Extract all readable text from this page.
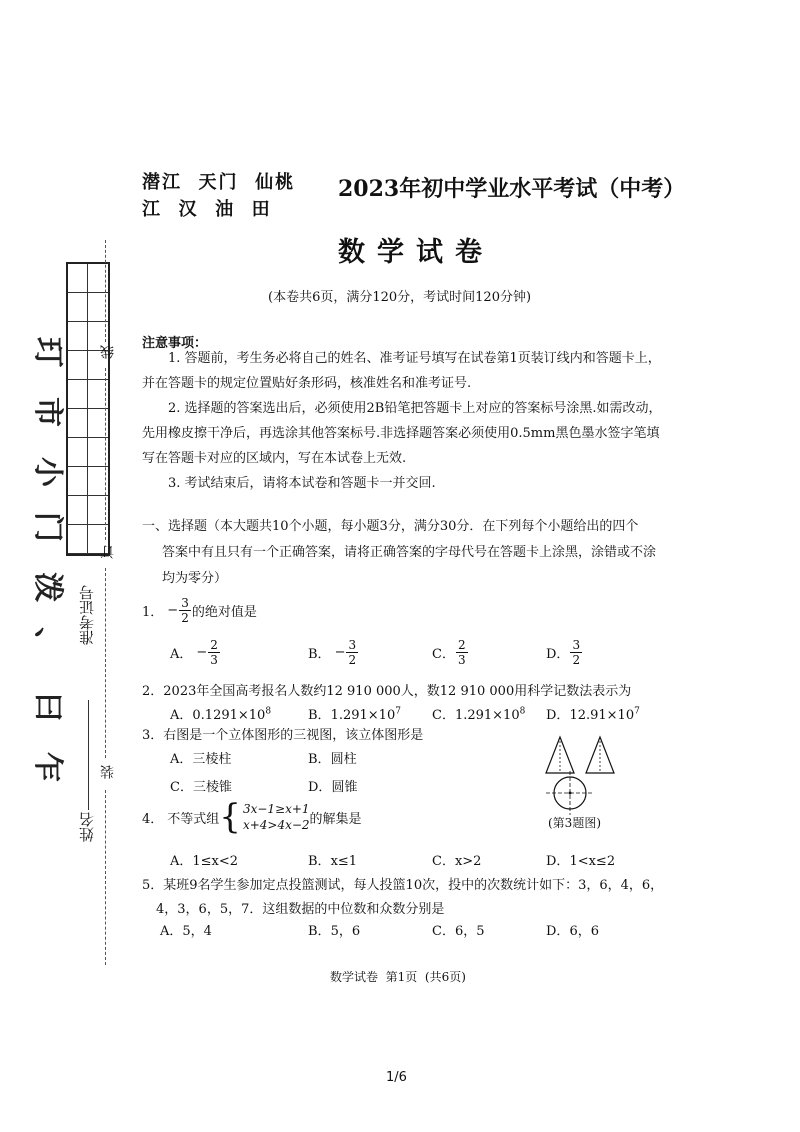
玎
市
小
门
泼
、
曰
乍
准考证号
姓名
线
订
装
潜江  天门  仙桃
江  汉  油  田
2023年初中学业水平考试（中考）
数学试卷
(本卷共6页，满分120分，考试时间120分钟)
注意事项：

1. 答题前，考生务必将自己的姓名、准考证号填写在试卷第1页装订线内和答题卡上，

并在答题卡的规定位置贴好条形码，核准姓名和准考证号.

2. 选择题的答案选出后，必须使用2B铅笔把答题卡上对应的答案标号涂黑.如需改动，

先用橡皮擦干净后，再选涂其他答案标号.非选择题答案必须使用0.5mm黑色墨水签字笔填

写在答题卡对应的区域内，写在本试卷上无效.

3. 考试结束后，请将本试卷和答题卡一并交回.

一、选择题（本大题共10个小题，每小题3分，满分30分．在下列每个小题给出的四个

答案中有且只有一个正确答案，请将正确答案的字母代号在答题卡上涂黑，涂错或不涂

均为零分）

1． − $\frac{3}{2}$ 的绝对值是
A． − $\frac{2}{3}$	B． − $\frac{3}{2}$	C． $\frac{2}{3}$	D． $\frac{3}{2}$
2．2023年全国高考报名人数约12 910 000人，数12 910 000用科学记数法表示为
A．$0.1291\times 10^8$	B．$1.291\times 10^7$ C．$1.291\times 10^8$ D．$12.91\times 10^7$
3．右图是一个立体图形的三视图，该立体图形是
A．三棱柱	B．圆柱
C．三棱锥	D．圆锥
(第3题图)
4． 不等式组 { 3x−1≥x+1
x+4>4x−2 的解集是
A．1≤x<2	B．x≤1	C．x>2	D．1<x≤2
5．某班9名学生参加定点投篮测试，每人投篮10次，投中的次数统计如下：3，6，4，6，
4，3，6，5，7．这组数据的中位数和众数分别是
A．5，4	B．5，6	C．6，5	D．6，6
数学试卷  第1页  (共6页)
1/6
